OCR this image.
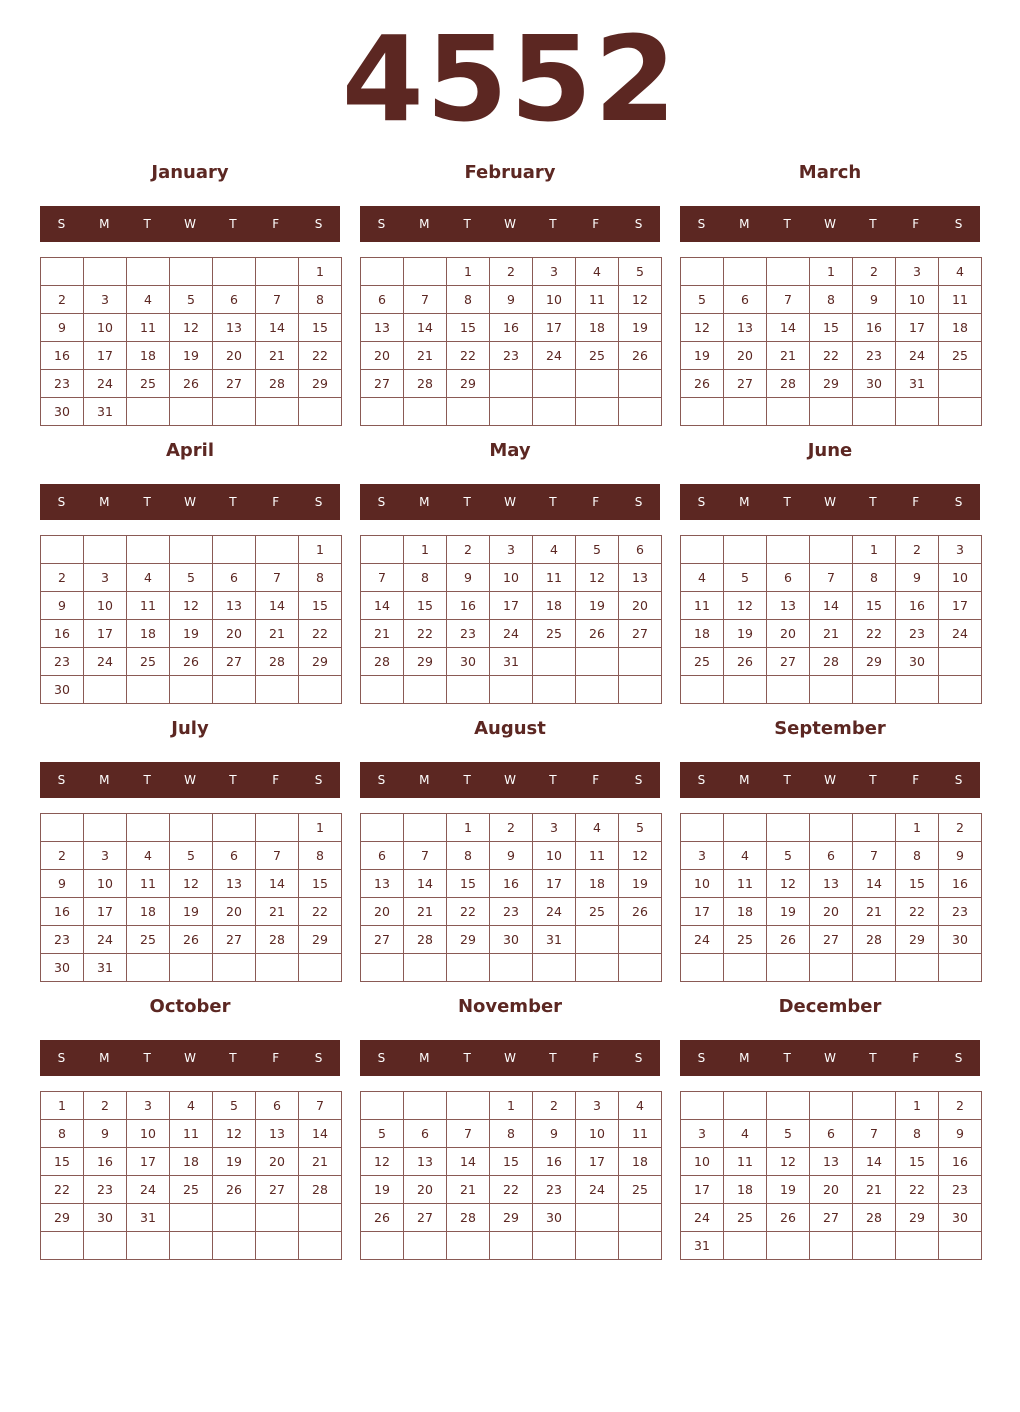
4552
January
S	M	T	W	T	F	S
						1
2	3	4	5	6	7	8
9	10	11	12	13	14	15
16	17	18	19	20	21	22
23	24	25	26	27	28	29
30	31					
February
S	M	T	W	T	F	S
		1	2	3	4	5
6	7	8	9	10	11	12
13	14	15	16	17	18	19
20	21	22	23	24	25	26
27	28	29				

March
S	M	T	W	T	F	S
			1	2	3	4
5	6	7	8	9	10	11
12	13	14	15	16	17	18
19	20	21	22	23	24	25
26	27	28	29	30	31	

April
S	M	T	W	T	F	S
						1
2	3	4	5	6	7	8
9	10	11	12	13	14	15
16	17	18	19	20	21	22
23	24	25	26	27	28	29
30						
May
S	M	T	W	T	F	S
	1	2	3	4	5	6
7	8	9	10	11	12	13
14	15	16	17	18	19	20
21	22	23	24	25	26	27
28	29	30	31			

June
S	M	T	W	T	F	S
				1	2	3
4	5	6	7	8	9	10
11	12	13	14	15	16	17
18	19	20	21	22	23	24
25	26	27	28	29	30	

July
S	M	T	W	T	F	S
						1
2	3	4	5	6	7	8
9	10	11	12	13	14	15
16	17	18	19	20	21	22
23	24	25	26	27	28	29
30	31					
August
S	M	T	W	T	F	S
		1	2	3	4	5
6	7	8	9	10	11	12
13	14	15	16	17	18	19
20	21	22	23	24	25	26
27	28	29	30	31		

September
S	M	T	W	T	F	S
					1	2
3	4	5	6	7	8	9
10	11	12	13	14	15	16
17	18	19	20	21	22	23
24	25	26	27	28	29	30

October
S	M	T	W	T	F	S
1	2	3	4	5	6	7
8	9	10	11	12	13	14
15	16	17	18	19	20	21
22	23	24	25	26	27	28
29	30	31				

November
S	M	T	W	T	F	S
			1	2	3	4
5	6	7	8	9	10	11
12	13	14	15	16	17	18
19	20	21	22	23	24	25
26	27	28	29	30		

December
S	M	T	W	T	F	S
					1	2
3	4	5	6	7	8	9
10	11	12	13	14	15	16
17	18	19	20	21	22	23
24	25	26	27	28	29	30
31						
